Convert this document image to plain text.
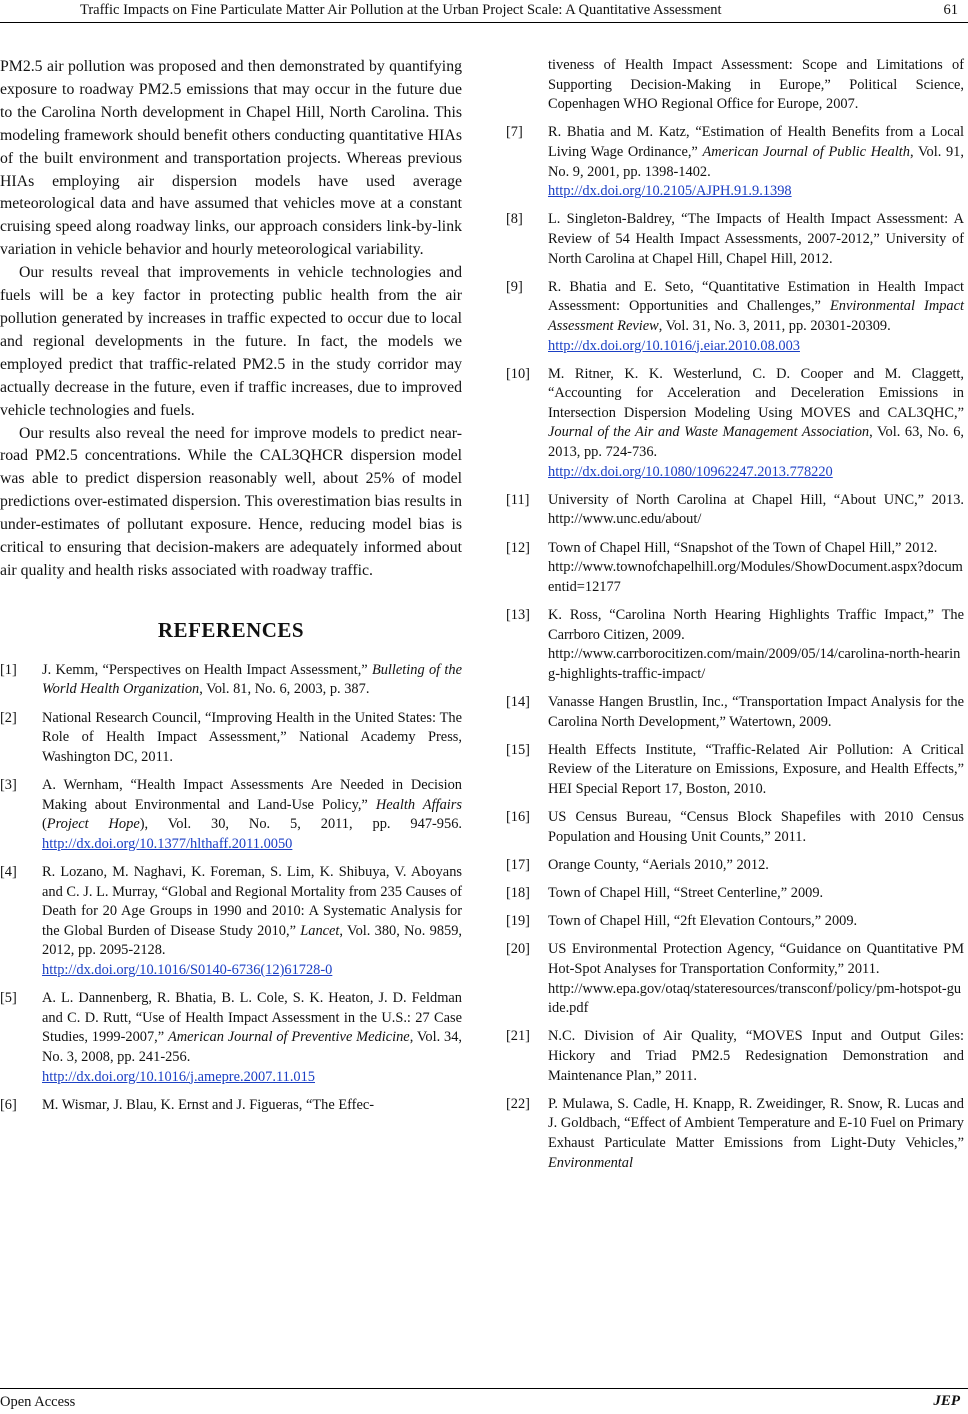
Traffic Impacts on Fine Particulate Matter Air Pollution at the Urban Project Scale: A Quantitative Assessment	61

PM2.5 air pollution was proposed and then demonstrated by quantifying exposure to roadway PM2.5 emissions that may occur in the future due to the Carolina North development in Chapel Hill, North Carolina. This modeling framework should benefit others conducting quantitative HIAs of the built environment and transportation projects. Whereas previous HIAs employing air dispersion models have used average meteorological data and have assumed that vehicles move at a constant cruising speed along roadway links, our approach considers link-by-link variation in vehicle behavior and hourly meteorological variability.

Our results reveal that improvements in vehicle technologies and fuels will be a key factor in protecting public health from the air pollution generated by increases in traffic expected to occur due to local and regional developments in the future. In fact, the models we employed predict that traffic-related PM2.5 in the study corridor may actually decrease in the future, even if traffic increases, due to improved vehicle technologies and fuels.

Our results also reveal the need for improve models to predict near-road PM2.5 concentrations. While the CAL3QHCR dispersion model was able to predict dispersion reasonably well, about 25% of model predictions over-estimated dispersion. This overestimation bias results in under-estimates of pollutant exposure. Hence, reducing model bias is critical to ensuring that decision-makers are adequately informed about air quality and health risks associated with roadway traffic.

REFERENCES
[1]	J. Kemm, “Perspectives on Health Impact Assessment,” Bulleting of the World Health Organization, Vol. 81, No. 6, 2003, p. 387.
[2]	National Research Council, “Improving Health in the United States: The Role of Health Impact Assessment,” National Academy Press, Washington DC, 2011.
[3]	A. Wernham, “Health Impact Assessments Are Needed in Decision Making about Environmental and Land-Use Policy,” Health Affairs (Project Hope), Vol. 30, No. 5, 2011, pp. 947-956. http://dx.doi.org/10.1377/hlthaff.2011.0050
[4]	R. Lozano, M. Naghavi, K. Foreman, S. Lim, K. Shibuya, V. Aboyans and C. J. L. Murray, “Global and Regional Mortality from 235 Causes of Death for 20 Age Groups in 1990 and 2010: A Systematic Analysis for the Global Burden of Disease Study 2010,” Lancet, Vol. 380, No. 9859, 2012, pp. 2095-2128.
http://dx.doi.org/10.1016/S0140-6736(12)61728-0
[5]	A. L. Dannenberg, R. Bhatia, B. L. Cole, S. K. Heaton, J. D. Feldman and C. D. Rutt, “Use of Health Impact Assessment in the U.S.: 27 Case Studies, 1999-2007,” American Journal of Preventive Medicine, Vol. 34, No. 3, 2008, pp. 241-256.
http://dx.doi.org/10.1016/j.amepre.2007.11.015
[6]	M. Wismar, J. Blau, K. Ernst and J. Figueras, “The Effec-
tiveness of Health Impact Assessment: Scope and Limitations of Supporting Decision-Making in Europe,” Political Science, Copenhagen WHO Regional Office for Europe, 2007.
[7]	R. Bhatia and M. Katz, “Estimation of Health Benefits from a Local Living Wage Ordinance,” American Journal of Public Health, Vol. 91, No. 9, 2001, pp. 1398-1402.
http://dx.doi.org/10.2105/AJPH.91.9.1398
[8]	L. Singleton-Baldrey, “The Impacts of Health Impact Assessment: A Review of 54 Health Impact Assessments, 2007-2012,” University of North Carolina at Chapel Hill, Chapel Hill, 2012.
[9]	R. Bhatia and E. Seto, “Quantitative Estimation in Health Impact Assessment: Opportunities and Challenges,” Environmental Impact Assessment Review, Vol. 31, No. 3, 2011, pp. 20301-20309.
http://dx.doi.org/10.1016/j.eiar.2010.08.003
[10]	M. Ritner, K. K. Westerlund, C. D. Cooper and M. Claggett, “Accounting for Acceleration and Deceleration Emissions in Intersection Dispersion Modeling Using MOVES and CAL3QHC,” Journal of the Air and Waste Management Association, Vol. 63, No. 6, 2013, pp. 724-736.
http://dx.doi.org/10.1080/10962247.2013.778220
[11]	University of North Carolina at Chapel Hill, “About UNC,” 2013. http://www.unc.edu/about/
[12]	Town of Chapel Hill, “Snapshot of the Town of Chapel Hill,” 2012.
http://www.townofchapelhill.org/Modules/ShowDocument.aspx?documentid=12177
[13]	K. Ross, “Carolina North Hearing Highlights Traffic Impact,” The Carrboro Citizen, 2009.
http://www.carrborocitizen.com/main/2009/05/14/carolina-north-hearing-highlights-traffic-impact/
[14]	Vanasse Hangen Brustlin, Inc., “Transportation Impact Analysis for the Carolina North Development,” Watertown, 2009.
[15]	Health Effects Institute, “Traffic-Related Air Pollution: A Critical Review of the Literature on Emissions, Exposure, and Health Effects,” HEI Special Report 17, Boston, 2010.
[16]	US Census Bureau, “Census Block Shapefiles with 2010 Census Population and Housing Unit Counts,” 2011.
[17]	Orange County, “Aerials 2010,” 2012.
[18]	Town of Chapel Hill, “Street Centerline,” 2009.
[19]	Town of Chapel Hill, “2ft Elevation Contours,” 2009.
[20]	US Environmental Protection Agency, “Guidance on Quantitative PM Hot-Spot Analyses for Transportation Conformity,” 2011.
http://www.epa.gov/otaq/stateresources/transconf/policy/pm-hotspot-guide.pdf
[21]	N.C. Division of Air Quality, “MOVES Input and Output Giles: Hickory and Triad PM2.5 Redesignation Demonstration and Maintenance Plan,” 2011.
[22]	P. Mulawa, S. Cadle, H. Knapp, R. Zweidinger, R. Snow, R. Lucas and J. Goldbach, “Effect of Ambient Temperature and E-10 Fuel on Primary Exhaust Particulate Matter Emissions from Light-Duty Vehicles,” Environmental
Open Access	JEP
